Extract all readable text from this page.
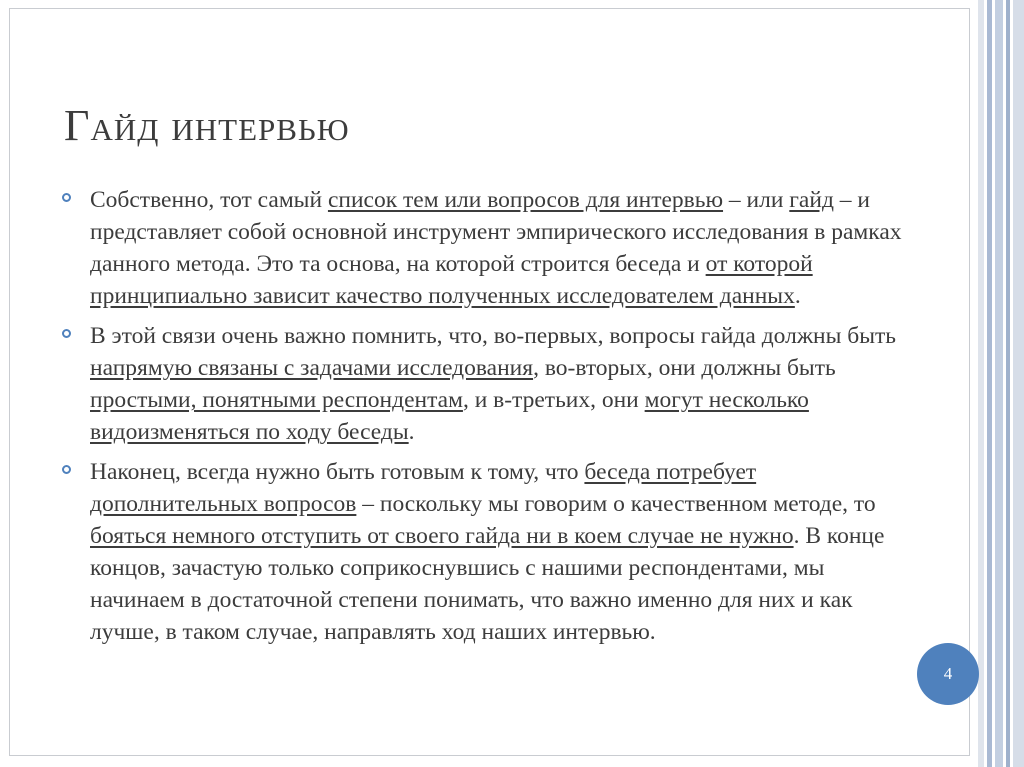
Гайд интервью
Собственно, тот самый список тем или вопросов для интервью – или гайд – и представляет собой основной инструмент эмпирического исследования в рамках данного метода. Это та основа, на которой строится беседа и от которой принципиально зависит качество полученных исследователем данных.
В этой связи очень важно помнить, что, во-первых, вопросы гайда должны быть напрямую связаны с задачами исследования, во-вторых, они должны быть простыми, понятными респондентам, и в-третьих, они могут несколько видоизменяться по ходу беседы.
Наконец, всегда нужно быть готовым к тому, что беседа потребует дополнительных вопросов – поскольку мы говорим о качественном методе, то бояться немного отступить от своего гайда ни в коем случае не нужно. В конце концов, зачастую только соприкоснувшись с нашими респондентами, мы начинаем в достаточной степени понимать, что важно именно для них и как лучше, в таком случае, направлять ход наших интервью.
4
